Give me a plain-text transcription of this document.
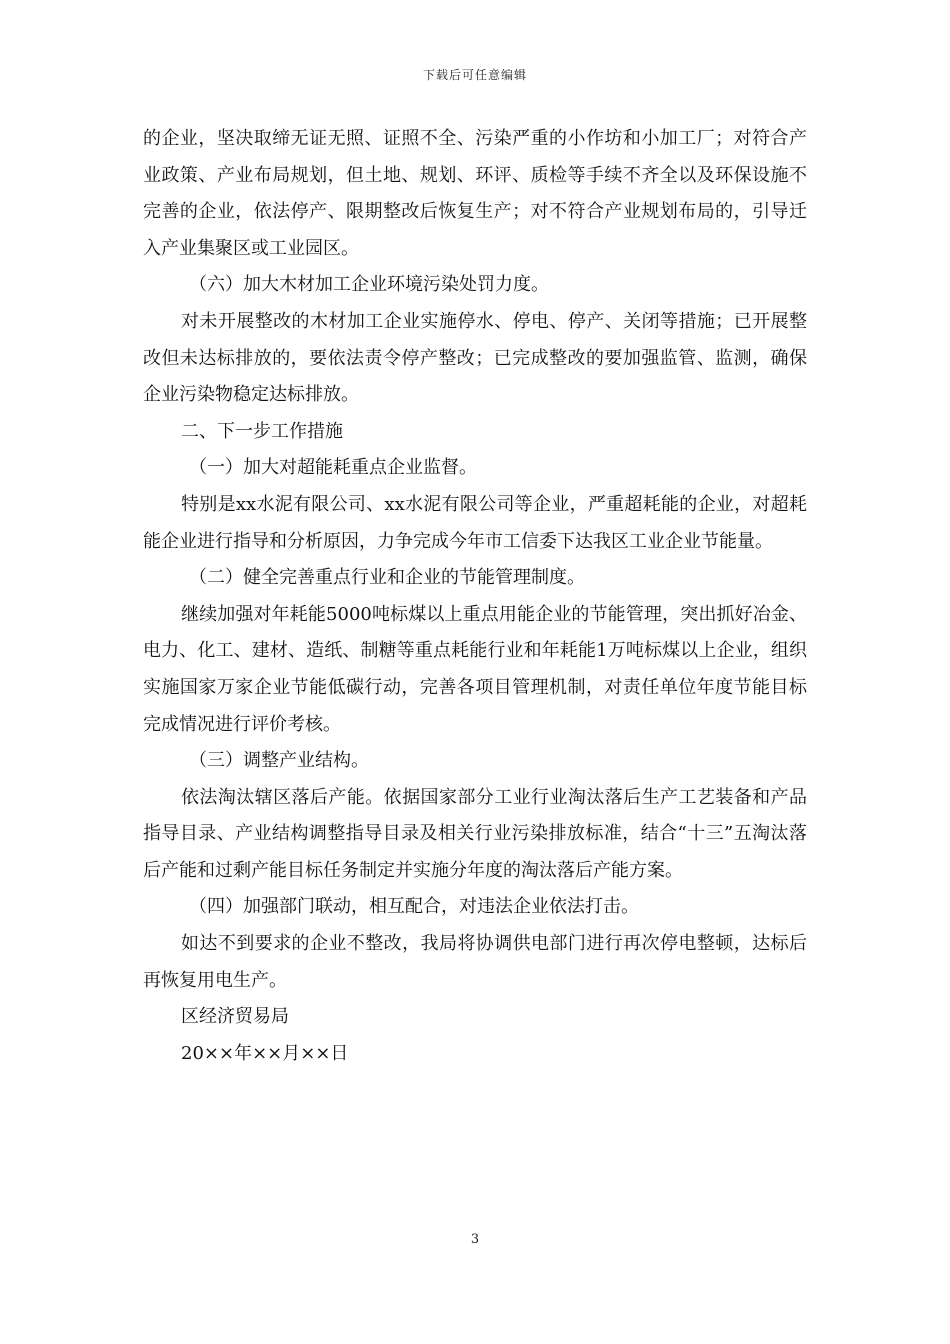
下载后可任意编辑

的企业，坚决取缔无证无照、证照不全、污染严重的小作坊和小加工厂；对符合产业政策、产业布局规划，但土地、规划、环评、质检等手续不齐全以及环保设施不完善的企业，依法停产、限期整改后恢复生产；对不符合产业规划布局的，引导迁入产业集聚区或工业园区。

（六）加大木材加工企业环境污染处罚力度。

对未开展整改的木材加工企业实施停水、停电、停产、关闭等措施；已开展整改但未达标排放的，要依法责令停产整改；已完成整改的要加强监管、监测，确保企业污染物稳定达标排放。

二、下一步工作措施

（一）加大对超能耗重点企业监督。

特别是xx水泥有限公司、xx水泥有限公司等企业，严重超耗能的企业，对超耗能企业进行指导和分析原因，力争完成今年市工信委下达我区工业企业节能量。

（二）健全完善重点行业和企业的节能管理制度。

继续加强对年耗能5000吨标煤以上重点用能企业的节能管理，突出抓好冶金、电力、化工、建材、造纸、制糖等重点耗能行业和年耗能1万吨标煤以上企业，组织实施国家万家企业节能低碳行动，完善各项目管理机制，对责任单位年度节能目标完成情况进行评价考核。

（三）调整产业结构。

依法淘汰辖区落后产能。依据国家部分工业行业淘汰落后生产工艺装备和产品指导目录、产业结构调整指导目录及相关行业污染排放标准，结合“十三”五淘汰落后产能和过剩产能目标任务制定并实施分年度的淘汰落后产能方案。

（四）加强部门联动，相互配合，对违法企业依法打击。

如达不到要求的企业不整改，我局将协调供电部门进行再次停电整顿，达标后再恢复用电生产。

区经济贸易局

20××年××月××日

3
